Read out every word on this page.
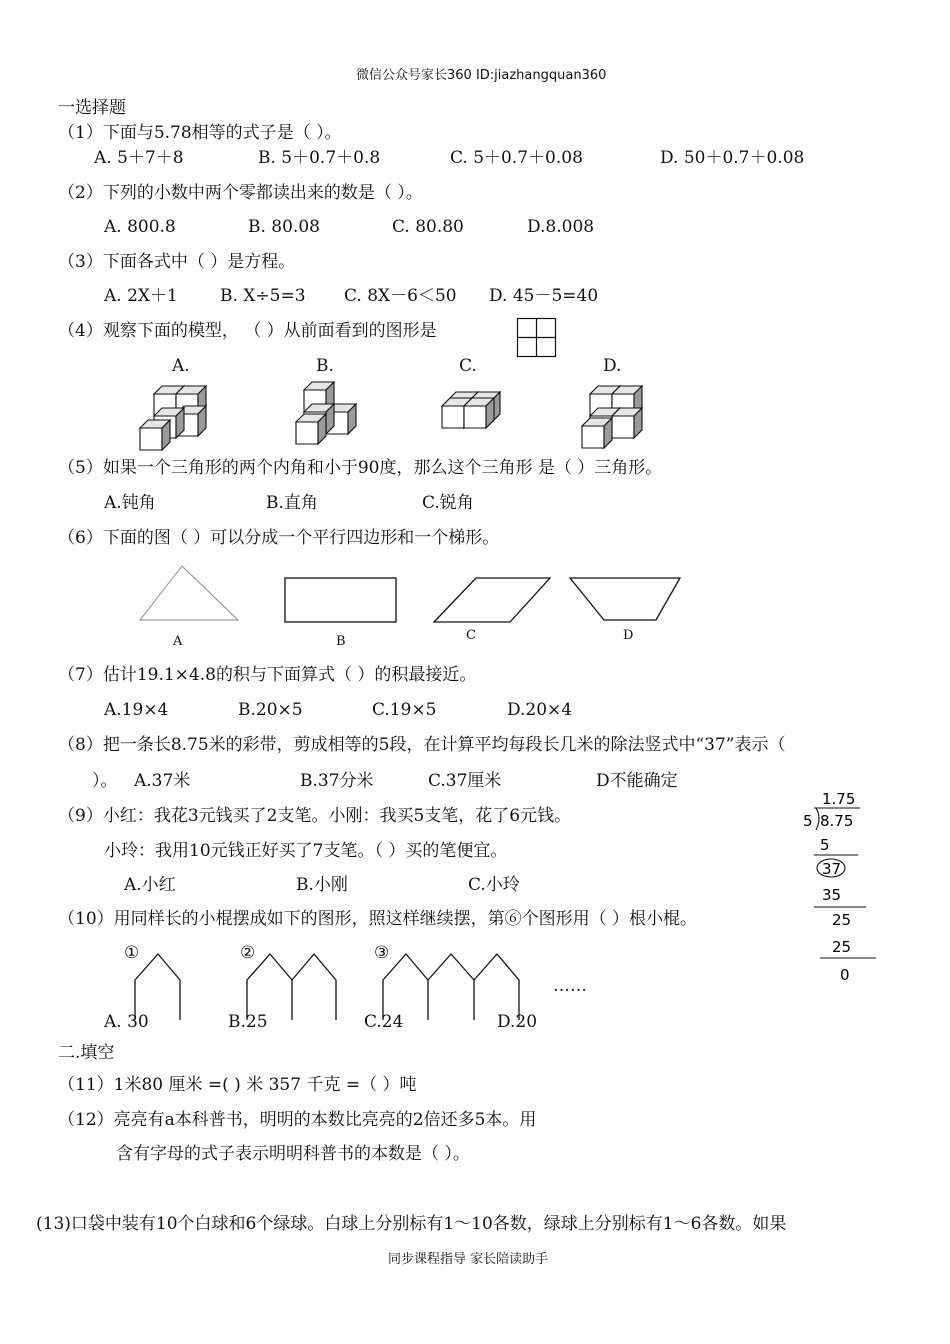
微信公众号家长360 ID:jiazhangquan360
一选择题
（1）下面与5.78相等的式子是（ ）。
A. 5＋7＋8	B. 5＋0.7＋0.8	C. 5＋0.7＋0.08	D. 50＋0.7＋0.08
（2）下列的小数中两个零都读出来的数是（ ）。
A. 800.8	B. 80.08	C. 80.80	D.8.008
（3）下面各式中（ ）是方程。
A. 2X＋1 B. X÷5=3 C. 8X－6＜50 D. 45－5=40
（4）观察下面的模型， （ ）从前面看到的图形是
A.	B.	C.	D.
（5）如果一个三角形的两个内角和小于90度，那么这个三角形 是（ ）三角形。
A.钝角	B.直角	C.锐角
（6）下面的图（ ）可以分成一个平行四边形和一个梯形。
A	B	C	D
（7）估计19.1×4.8的积与下面算式（ ）的积最接近。
A.19×4	B.20×5	C.19×5	D.20×4
（8）把一条长8.75米的彩带，剪成相等的5段，在计算平均每段长几米的除法竖式中“37”表示（
）。 A.37米	B.37分米	C.37厘米	D不能确定
（9）小红：我花3元钱买了2支笔。小刚：我买5支笔，花了6元钱。
小玲：我用10元钱正好买了7支笔。（ ）买的笔便宜。
A.小红	B.小刚	C.小玲
1.75
5 8.75
5
37
35
25
25
0
（10）用同样长的小棍摆成如下的图形，照这样继续摆，第⑥个图形用（ ）根小棍。
①	②	③
……
A. 30	B.25	C.24	D.20
二.填空
（11）1米80 厘米 =( ) 米 357 千克 =（ ）吨
（12）亮亮有a本科普书，明明的本数比亮亮的2倍还多5本。用
含有字母的式子表示明明科普书的本数是（ ）。
(13)口袋中装有10个白球和6个绿球。白球上分别标有1～10各数，绿球上分别标有1～6各数。如果
同步课程指导 家长陪读助手
